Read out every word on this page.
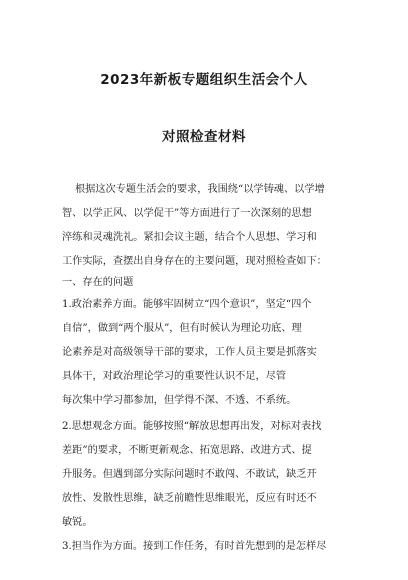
2023年新板专题组织生活会个人
对照检查材料
根据这次专题生活会的要求，我围绕“以学铸魂、以学增
智、以学正风、以学促干”等方面进行了一次深刻的思想
淬练和灵魂洗礼。紧扣会议主题，结合个人思想、学习和
工作实际，查摆出自身存在的主要问题，现对照检查如下：
一、存在的问题
1.政治素养方面。能够牢固树立“四个意识”，坚定“四个
自信”，做到“两个服从”，但有时候认为理论功底、理
论素养是对高级领导干部的要求，工作人员主要是抓落实
具体干，对政治理论学习的重要性认识不足，尽管
每次集中学习都参加，但学得不深、不透、不系统。
2.思想观念方面。能够按照“解放思想再出发，对标对表找
差距”的要求，不断更新观念、拓宽思路、改进方式、提
升服务。但遇到部分实际问题时不敢闯、不敢试，缺乏开
放性、发散性思维，缺乏前瞻性思维眼光，反应有时还不
敏锐。
3.担当作为方面。接到工作任务，有时首先想到的是怎样尽
